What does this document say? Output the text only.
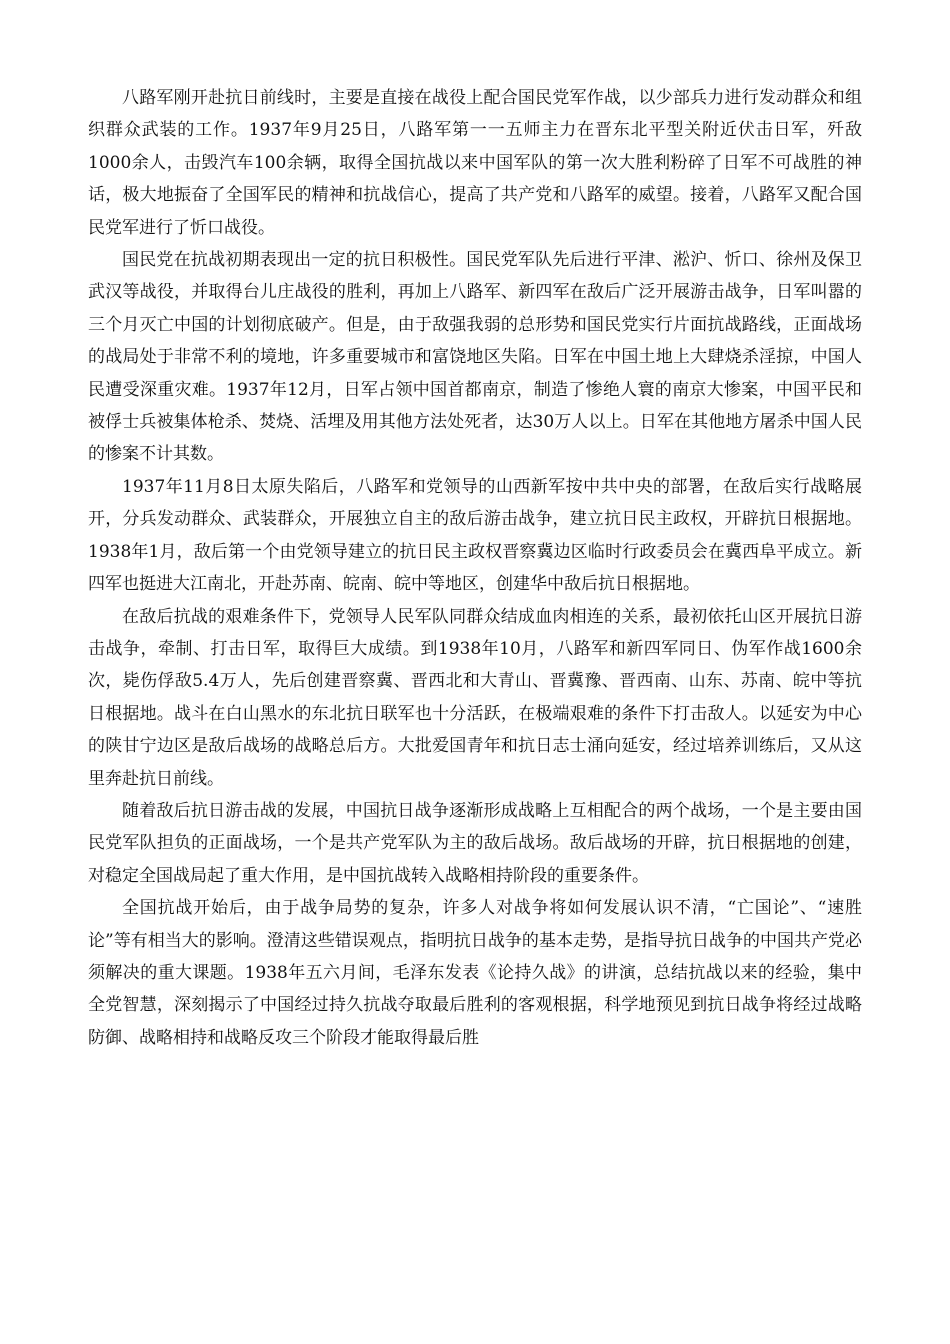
八路军刚开赴抗日前线时，主要是直接在战役上配合国民党军作战，以少部兵力进行发动群众和组织群众武装的工作。1937年9月25日，八路军第一一五师主力在晋东北平型关附近伏击日军，歼敌1000余人，击毁汽车100余辆，取得全国抗战以来中国军队的第一次大胜利粉碎了日军不可战胜的神话，极大地振奋了全国军民的精神和抗战信心，提高了共产党和八路军的威望。接着，八路军又配合国民党军进行了忻口战役。

国民党在抗战初期表现出一定的抗日积极性。国民党军队先后进行平津、淞沪、忻口、徐州及保卫武汉等战役，并取得台儿庄战役的胜利，再加上八路军、新四军在敌后广泛开展游击战争，日军叫嚣的三个月灭亡中国的计划彻底破产。但是，由于敌强我弱的总形势和国民党实行片面抗战路线，正面战场的战局处于非常不利的境地，许多重要城市和富饶地区失陷。日军在中国土地上大肆烧杀淫掠，中国人民遭受深重灾难。1937年12月，日军占领中国首都南京，制造了惨绝人寰的南京大惨案，中国平民和被俘士兵被集体枪杀、焚烧、活埋及用其他方法处死者，达30万人以上。日军在其他地方屠杀中国人民的惨案不计其数。

1937年11月8日太原失陷后，八路军和党领导的山西新军按中共中央的部署，在敌后实行战略展开，分兵发动群众、武装群众，开展独立自主的敌后游击战争，建立抗日民主政权，开辟抗日根据地。1938年1月，敌后第一个由党领导建立的抗日民主政权晋察冀边区临时行政委员会在冀西阜平成立。新四军也挺进大江南北，开赴苏南、皖南、皖中等地区，创建华中敌后抗日根据地。

在敌后抗战的艰难条件下，党领导人民军队同群众结成血肉相连的关系，最初依托山区开展抗日游击战争，牵制、打击日军，取得巨大成绩。到1938年10月，八路军和新四军同日、伪军作战1600余次，毙伤俘敌5.4万人，先后创建晋察冀、晋西北和大青山、晋冀豫、晋西南、山东、苏南、皖中等抗日根据地。战斗在白山黑水的东北抗日联军也十分活跃，在极端艰难的条件下打击敌人。以延安为中心的陕甘宁边区是敌后战场的战略总后方。大批爱国青年和抗日志士涌向延安，经过培养训练后，又从这里奔赴抗日前线。

随着敌后抗日游击战的发展，中国抗日战争逐渐形成战略上互相配合的两个战场，一个是主要由国民党军队担负的正面战场，一个是共产党军队为主的敌后战场。敌后战场的开辟，抗日根据地的创建，对稳定全国战局起了重大作用，是中国抗战转入战略相持阶段的重要条件。

全国抗战开始后，由于战争局势的复杂，许多人对战争将如何发展认识不清，“亡国论”、“速胜论”等有相当大的影响。澄清这些错误观点，指明抗日战争的基本走势，是指导抗日战争的中国共产党必须解决的重大课题。1938年五六月间，毛泽东发表《论持久战》的讲演，总结抗战以来的经验，集中全党智慧，深刻揭示了中国经过持久抗战夺取最后胜利的客观根据，科学地预见到抗日战争将经过战略防御、战略相持和战略反攻三个阶段才能取得最后胜
